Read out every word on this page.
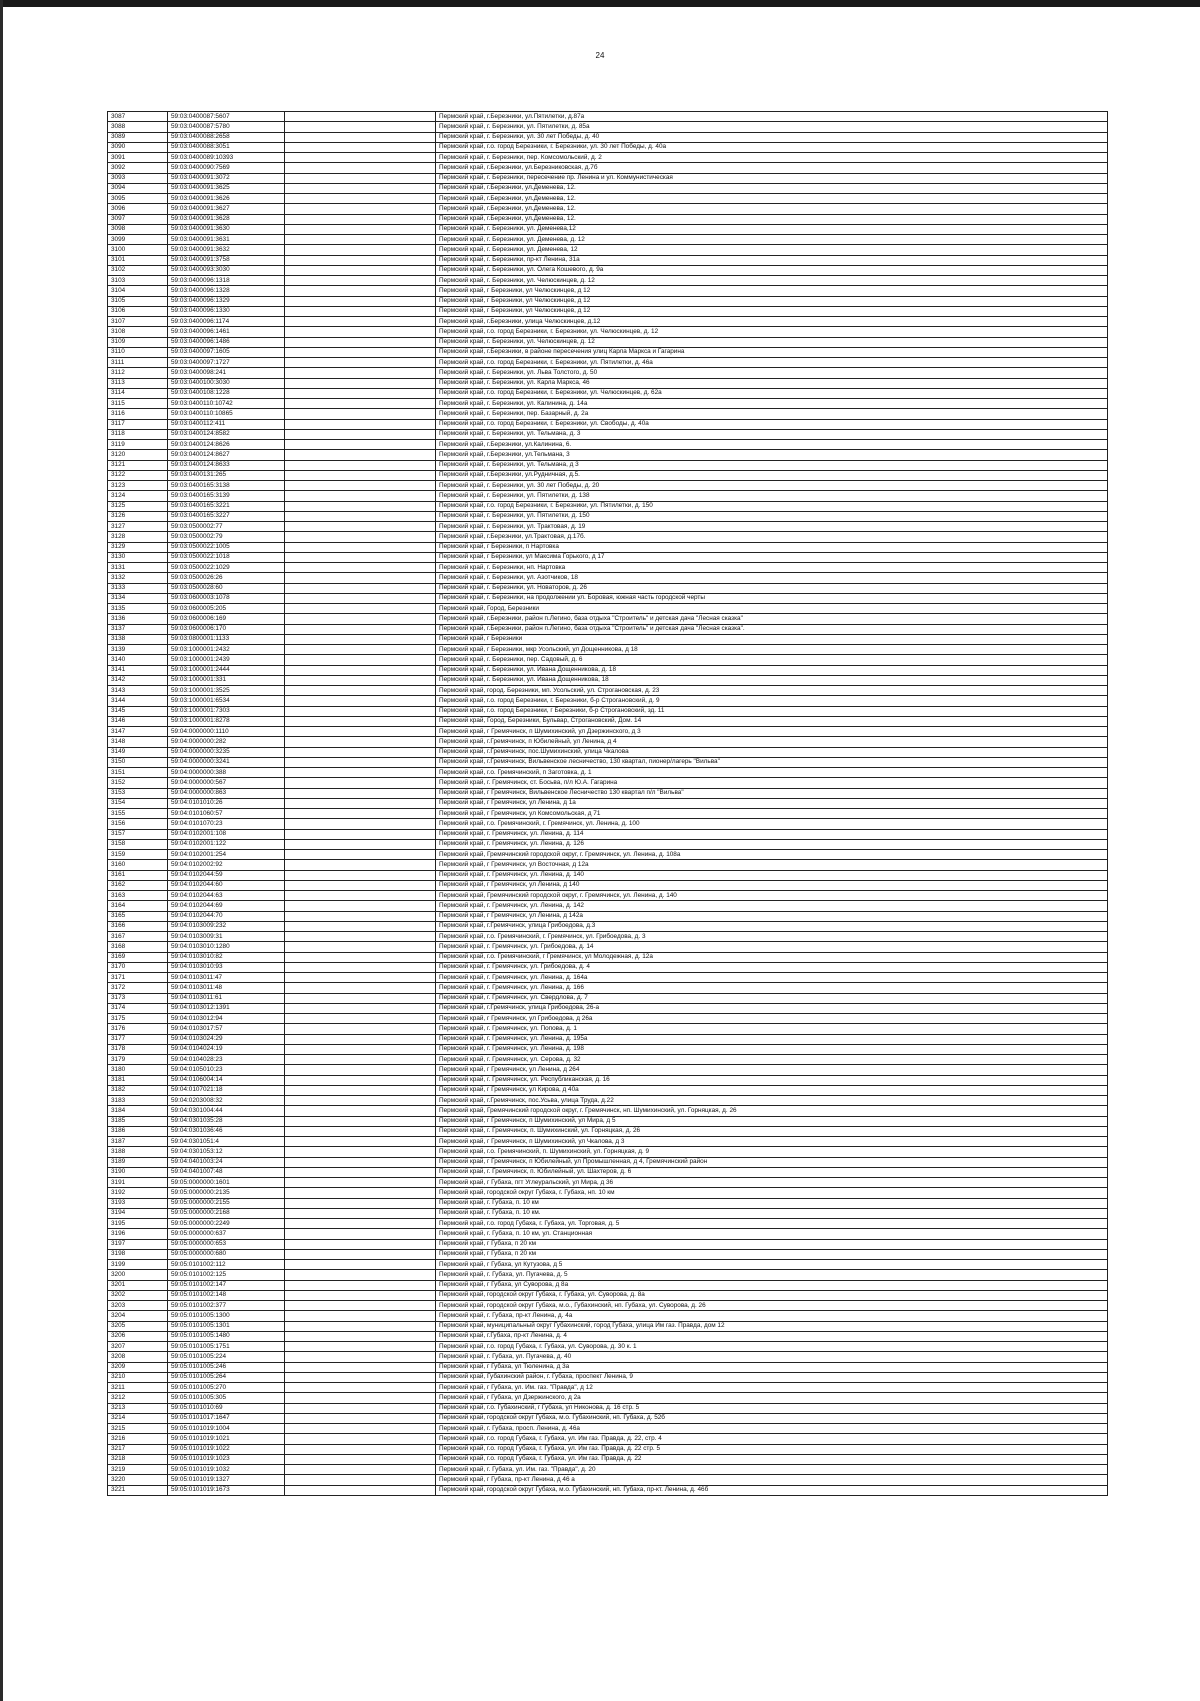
24
3087	59:03:0400087:5607		Пермский край, г.Березники, ул.Пятилетки, д.87а
3088	59:03:0400087:5780		Пермский край, г. Березники, ул. Пятилетки, д. 85а
3089	59:03:0400088:2658		Пермский край, г. Березники, ул. 30 лет Победы, д. 40
3090	59:03:0400088:3051		Пермский край, г.о. город Березники, г. Березники, ул. 30 лет Победы, д. 40а
3091	59:03:0400089:10393		Пермский край, г. Березники, пер. Комсомольский, д. 2
3092	59:03:0400090:7569		Пермский край, г.Березники, ул.Березниковская, д.7б
3093	59:03:0400091:3072		Пермский край, г. Березники, пересечение пр. Ленина и ул. Коммунистическая
3094	59:03:0400091:3625		Пермский край, г.Березники, ул.Деменева, 12.
3095	59:03:0400091:3626		Пермский край, г.Березники, ул.Деменева, 12.
3096	59:03:0400091:3627		Пермский край, г.Березники, ул.Деменева, 12.
3097	59:03:0400091:3628		Пермский край, г.Березники, ул.Деменева, 12.
3098	59:03:0400091:3630		Пермский край, г. Березники, ул. Деменева,12
3099	59:03:0400091:3631		Пермский край, г. Березники, ул. Деменева, д. 12
3100	59:03:0400091:3632		Пермский край, г. Березники, ул. Деменева, 12
3101	59:03:0400091:3758		Пермский край, г. Березники, пр-кт Ленина, 31а
3102	59:03:0400093:3030		Пермский край, г. Березники, ул. Олега Кошевого, д. 9а
3103	59:03:0400096:1318		Пермский край, г. Березники, ул. Челюскинцев, д. 12
3104	59:03:0400096:1328		Пермский край, г Березники, ул Челюскинцев, д 12
3105	59:03:0400096:1329		Пермский край, г Березники, ул Челюскинцев, д 12
3106	59:03:0400096:1330		Пермский край, г Березники, ул Челюскинцев, д 12
3107	59:03:0400096:1174		Пермский край, г.Березники, улица Челюскинцев, д.12
3108	59:03:0400096:1461		Пермский край, г.о. город Березники, г. Березники, ул. Челюскинцев, д. 12
3109	59:03:0400096:1486		Пермский край, г. Березники, ул. Челюскинцев, д. 12
3110	59:03:0400097:1605		Пермский край, г.Березники, в районе пересечения улиц Карла Маркса и Гагарина
3111	59:03:0400097:1727		Пермский край, г.о. город Березники, г. Березники, ул. Пятилетки, д. 46а
3112	59:03:0400098:241		Пермский край, г. Березники, ул. Льва Толстого, д. 50
3113	59:03:0400100:3030		Пермский край, г. Березники, ул. Карла Маркса, 46
3114	59:03:0400108:1228		Пермский край, г.о. город Березники, г. Березники, ул. Челюскинцев, д. 62а
3115	59:03:0400110:10742		Пермский край, г. Березники, ул. Калинина, д. 14а
3116	59:03:0400110:10865		Пермский край, г. Березники, пер. Базарный, д. 2а
3117	59:03:0400112:411		Пермский край, г.о. город Березники, г. Березники, ул. Свободы, д. 40а
3118	59:03:0400124:8582		Пермский край, г. Березники, ул. Тельмана, д. 3
3119	59:03:0400124:8626		Пермский край, г.Березники, ул.Калинина, 6.
3120	59:03:0400124:8627		Пермский край, г.Березники, ул.Тельмана, 3
3121	59:03:0400124:8633		Пермский край, г. Березники, ул. Тельмана, д 3
3122	59:03:0400131:265		Пермский край, г.Березники, ул.Рудничная, д.5.
3123	59:03:0400165:3138		Пермский край, г. Березники, ул. 30 лет Победы, д. 20
3124	59:03:0400165:3139		Пермский край, г. Березники, ул. Пятилетки, д. 138
3125	59:03:0400165:3221		Пермский край, г.о. город Березники, г. Березники, ул. Пятилетки, д. 150
3126	59:03:0400165:3227		Пермский край, г. Березники, ул. Пятилетки, д. 150
3127	59:03:0500002:77		Пермский край, г. Березники, ул. Трактовая, д. 19
3128	59:03:0500002:79		Пермский край, г.Березники, ул.Трактовая, д.17б.
3129	59:03:0500022:1005		Пермский край, г Березники, п Нартовка
3130	59:03:0500022:1018		Пермский край, г Березники, ул Максима Горького, д 17
3131	59:03:0500022:1029		Пермский край, г. Березники, нп. Нартовка
3132	59:03:0500026:26		Пермский край, г. Березники, ул. Азотчиков, 18
3133	59:03:0500028:60		Пермский край, г. Березники, ул. Новаторов, д. 26
3134	59:03:0600003:1078		Пермский край, г. Березники, на продолжении ул. Боровая, южная часть городской черты
3135	59:03:0600005:205		Пермский край, Город, Березники
3136	59:03:0600006:169		Пермский край, г.Березники, район п.Легино, база отдыха "Строитель" и детская дача "Лесная сказка"
3137	59:03:0600006:170		Пермский край, г.Березники, район п.Легино, база отдыха "Строитель" и детская дача "Лесная сказка".
3138	59:03:0800001:1133		Пермский край, г Березники
3139	59:03:1000001:2432		Пермский край, г Березники, мкр Усольский, ул Дощенникова, д 18
3140	59:03:1000001:2439		Пермский край, г. Березники, пер. Садовый, д. 6
3141	59:03:1000001:2444		Пермский край, г. Березники, ул. Ивана Дощенникова, д. 18
3142	59:03:1000001:331		Пермский край, г. Березники, ул. Ивана Дощенникова, 18
3143	59:03:1000001:3525		Пермский край, город. Березники, мп. Усольский, ул. Строгановская, д. 23
3144	59:03:1000001:6534		Пермский край, г.о. город Березники, г. Березники, б-р Строгановский, д. 9
3145	59:03:1000001:7303		Пермский край, г.о. город Березники, г Березники, б-р Строгановский, зд. 11
3146	59:03:1000001:8278		Пермский край, Город, Березники, Бульвар, Строгановский, Дом. 14
3147	59:04:0000000:1110		Пермский край, г Гремячинск, п Шумихинский, ул Дзержинского, д 3
3148	59:04:0000000:282		Пермский край, г.Гремячинск, п Юбилейный, ул Ленина, д 4
3149	59:04:0000000:3235		Пермский край, г.Гремячинск, пос.Шумихинский, улица Чкалова
3150	59:04:0000000:3241		Пермский край, г.Гремячинск, Вильвенское лесничество, 130 квартал, пионер/лагерь "Вильва"
3151	59:04:0000000:388		Пермский край, г.о. Гремячинский, п Заготовка, д. 1
3152	59:04:0000000:567		Пермский край, г. Гремячинск, ст. Босьва, п/л Ю.А. Гагарина
3153	59:04:0000000:863		Пермский край, г Гремячинск, Вильвенское Лесничество 130 квартал п/л "Вильва"
3154	59:04:0101010:26		Пермский край, г Гремячинск, ул Ленина, д 1а
3155	59:04:0101060:57		Пермский край, г Гремячинск, ул Комсомольская, д 71
3156	59:04:0101070:23		Пермский край, г.о. Гремячинский, г. Гремячинск, ул. Ленина, д. 100
3157	59:04:0102001:108		Пермский край, г. Гремячинск, ул. Ленина, д. 114
3158	59:04:0102001:122		Пермский край, г. Гремячинск, ул. Ленина, д. 126
3159	59:04:0102001:254		Пермский край, Гремячинский городской округ, г. Гремячинск, ул. Ленина, д. 108а
3160	59:04:0102002:92		Пермский край, г Гремячинск, ул Восточная, д 12а
3161	59:04:0102044:59		Пермский край, г. Гремячинск, ул. Ленина, д. 140
3162	59:04:0102044:60		Пермский край, г Гремячинск, ул Ленина, д 140
3163	59:04:0102044:63		Пермский край, Гремячинский городской округ, г. Гремячинск, ул. Ленина, д. 140
3164	59:04:0102044:69		Пермский край, г. Гремячинск, ул. Ленина, д. 142
3165	59:04:0102044:70		Пермский край, г Гремячинск, ул Ленина, д 142а
3166	59:04:0103009:232		Пермский край, г.Гремячинск, улица Грибоедова, д.3
3167	59:04:0103009:31		Пермский край, г.о. Гремячинский, г. Гремячинск, ул. Грибоедова, д. 3
3168	59:04:0103010:1280		Пермский край, г. Гремячинск, ул. Грибоедова, д. 14
3169	59:04:0103010:82		Пермский край, г.о. Гремячинский, г Гремячинск, ул Молодежная, д. 12а
3170	59:04:0103010:93		Пермский край, г. Гремячинск, ул. Грибоедова, д. 4
3171	59:04:0103011:47		Пермский край, г. Гремячинск, ул. Ленина, д. 164а
3172	59:04:0103011:48		Пермский край, г. Гремячинск, ул. Ленина, д. 166
3173	59:04:0103011:61		Пермский край, г. Гремячинск, ул. Свердлова, д. 7
3174	59:04:0103012:1391		Пермский край, г.Гремячинск, улица Грибоедова, 26-а
3175	59:04:0103012:94		Пермский край, г Гремячинск, ул Грибоедова, д 26а
3176	59:04:0103017:57		Пермский край, г. Гремячинск, ул. Попова, д. 1
3177	59:04:0103024:29		Пермский край, г. Гремячинск, ул. Ленина, д. 195а
3178	59:04:0104024:19		Пермский край, г. Гремячинск, ул. Ленина, д. 198
3179	59:04:0104028:23		Пермский край, г. Гремячинск, ул. Серова, д. 32
3180	59:04:0105010:23		Пермский край, г Гремячинск, ул Ленина, д 264
3181	59:04:0106004:14		Пермский край, г. Гремячинск, ул. Республиканская, д. 16
3182	59:04:0107021:18		Пермский край, г Гремячинск, ул Кирова, д 40а
3183	59:04:0203008:32		Пермский край, г.Гремячинск, пос.Усьва, улица Труда, д.22
3184	59:04:0301004:44		Пермский край, Гремячинский городской округ, г. Гремячинск, нп. Шумихинский, ул. Горняцкая, д. 26
3185	59:04:0301035:28		Пермский край, г Гремячинск, п Шумихинский, ул Мира, д 5
3186	59:04:0301036:46		Пермский край, г. Гремячинск, п. Шумихинский, ул. Горняцкая, д. 26
3187	59:04:0301051:4		Пермский край, г Гремячинск, п Шумихинский, ул Чкалова, д 3
3188	59:04:0301053:12		Пермский край, г.о. Гремячинский, п. Шумихинский, ул. Горняцкая, д. 9
3189	59:04:0401003:24		Пермский край, г Гремячинск, п Юбилейный, ул Промышленная, д 4, Гремячинский район
3190	59:04:0401007:48		Пермский край, г. Гремячинск, п. Юбилейный, ул. Шахтеров, д. 6
3191	59:05:0000000:1601		Пермский край, г Губаха, пгт Углеуральский, ул Мира, д 36
3192	59:05:0000000:2135		Пермский край, городской округ Губаха, г. Губаха, нп. 10 км
3193	59:05:0000000:2155		Пермский край, г. Губаха, п. 10 км
3194	59:05:0000000:2168		Пермский край, г. Губаха, п. 10 км.
3195	59:05:0000000:2249		Пермский край, г.о. город Губаха, г. Губаха, ул. Торговая, д. 5
3196	59:05:0000000:637		Пермский край, г. Губаха, п. 10 км, ул. Станционная
3197	59:05:0000000:653		Пермский край, г Губаха, п 20 км
3198	59:05:0000000:680		Пермский край, г Губаха, п 20 км
3199	59:05:0101002:112		Пермский край, г Губаха, ул Кутузова, д 5
3200	59:05:0101002:125		Пермский край, г. Губаха, ул. Пугачева, д. 5
3201	59:05:0101002:147		Пермский край, г Губаха, ул Суворова, д 8а
3202	59:05:0101002:148		Пермский край, городской округ Губаха, г. Губаха, ул. Суворова, д. 8а
3203	59:05:0101002:377		Пермский край, городской округ Губаха, м.о., Губахинский, нп. Губаха, ул. Суворова, д. 26
3204	59:05:0101005:1300		Пермский край, г. Губаха, пр-кт Ленина, д. 4а
3205	59:05:0101005:1301		Пермский край, муниципальный округ Губахинский, город Губаха, улица Им газ. Правда, дом 12
3206	59:05:0101005:1480		Пермский край, г.Губаха, пр-кт Ленина, д. 4
3207	59:05:0101005:1751		Пермский край, г.о. город Губаха, г. Губаха, ул. Суворова, д. 30 к. 1
3208	59:05:0101005:224		Пермский край, г. Губаха, ул. Пугачева, д. 40
3209	59:05:0101005:246		Пермский край, г Губаха, ул Тюленина, д 3а
3210	59:05:0101005:264		Пермский край, Губахинский район, г. Губаха, проспект Ленина, 9
3211	59:05:0101005:270		Пермский край, г Губаха, ул. Им. газ. "Правда", д 12
3212	59:05:0101005:305		Пермский край, г Губаха, ул Дзержинского, д 2а
3213	59:05:0101010:69		Пермский край, г.о. Губахинский, г Губаха, ул Никонова, д. 16 стр. 5
3214	59:05:0101017:1647		Пермский край, городской округ Губаха, м.о. Губахинский, нп. Губаха, д. 52б
3215	59:05:0101019:1004		Пермский край, г. Губаха, просп. Ленина, д. 46а
3216	59:05:0101019:1021		Пермский край, г.о. город Губаха, г. Губаха, ул. Им газ. Правда, д. 22, стр. 4
3217	59:05:0101019:1022		Пермский край, г.о. город Губаха, г. Губаха, ул. Им газ. Правда, д. 22 стр. 5
3218	59:05:0101019:1023		Пермский край, г.о. город Губаха, г. Губаха, ул. Им газ. Правда, д. 22
3219	59:05:0101019:1032		Пермский край, г. Губаха, ул. Им. газ. "Правда", д. 20
3220	59:05:0101019:1327		Пермский край, г Губаха, пр-кт Ленина, д 46 а
3221	59:05:0101019:1673		Пермский край, городской округ Губаха, м.о. Губахинский, нп. Губаха, пр-кт. Ленина, д. 46б
